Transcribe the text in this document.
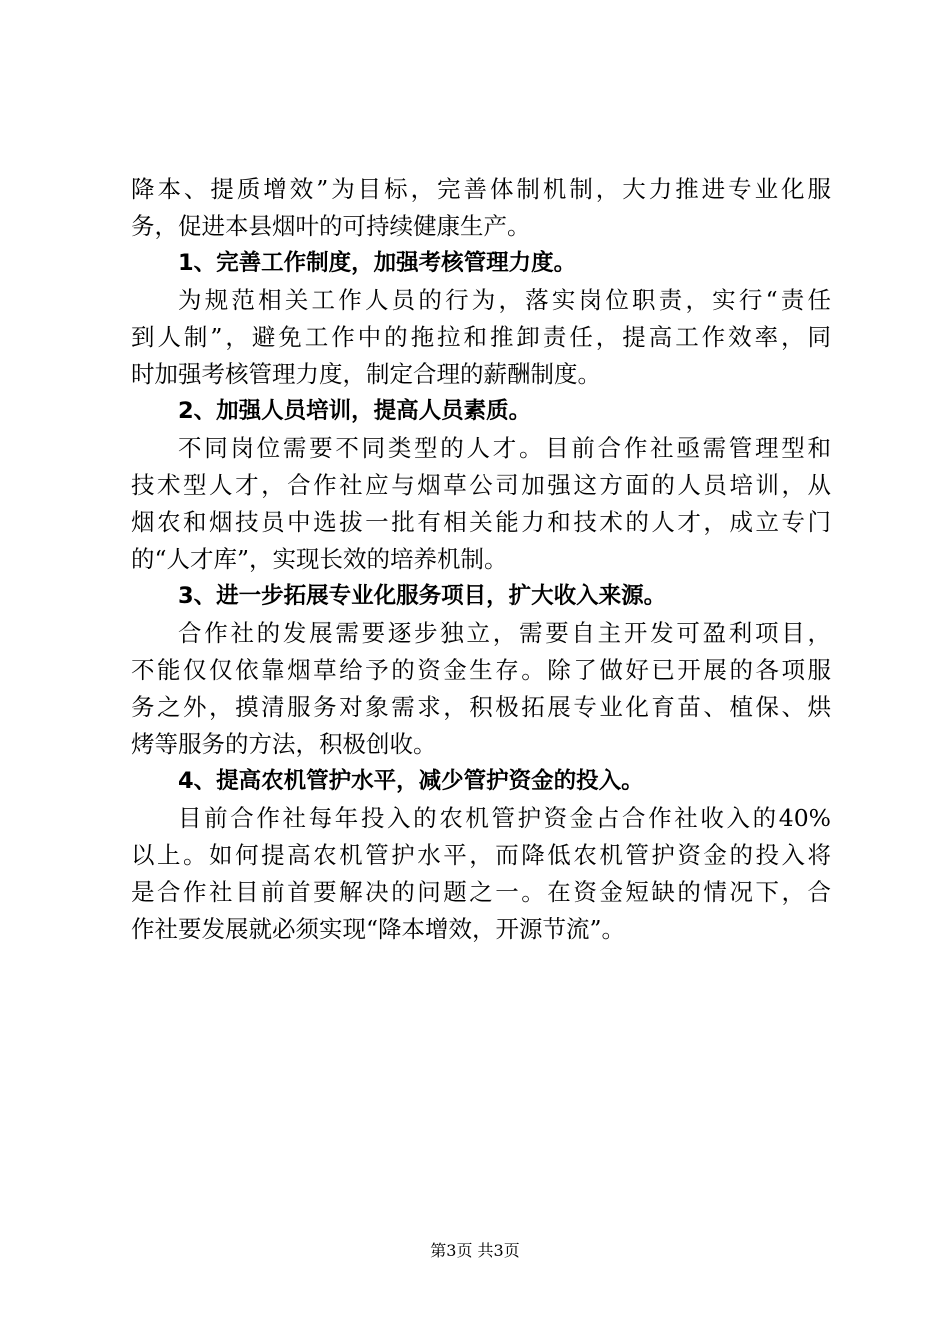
降本、提质增效”为目标，完善体制机制，大力推进专业化服
务，促进本县烟叶的可持续健康生产。
1、完善工作制度，加强考核管理力度。
为规范相关工作人员的行为，落实岗位职责，实行“责任
到人制”，避免工作中的拖拉和推卸责任，提高工作效率，同
时加强考核管理力度，制定合理的薪酬制度。
2、加强人员培训，提高人员素质。
不同岗位需要不同类型的人才。目前合作社亟需管理型和
技术型人才，合作社应与烟草公司加强这方面的人员培训，从
烟农和烟技员中选拔一批有相关能力和技术的人才，成立专门
的“人才库”，实现长效的培养机制。
3、进一步拓展专业化服务项目，扩大收入来源。
合作社的发展需要逐步独立，需要自主开发可盈利项目，
不能仅仅依靠烟草给予的资金生存。除了做好已开展的各项服
务之外，摸清服务对象需求，积极拓展专业化育苗、植保、烘
烤等服务的方法，积极创收。
4、提高农机管护水平，减少管护资金的投入。
目前合作社每年投入的农机管护资金占合作社收入的40%
以上。如何提高农机管护水平，而降低农机管护资金的投入将
是合作社目前首要解决的问题之一。在资金短缺的情况下，合
作社要发展就必须实现“降本增效，开源节流”。
第3页 共3页
